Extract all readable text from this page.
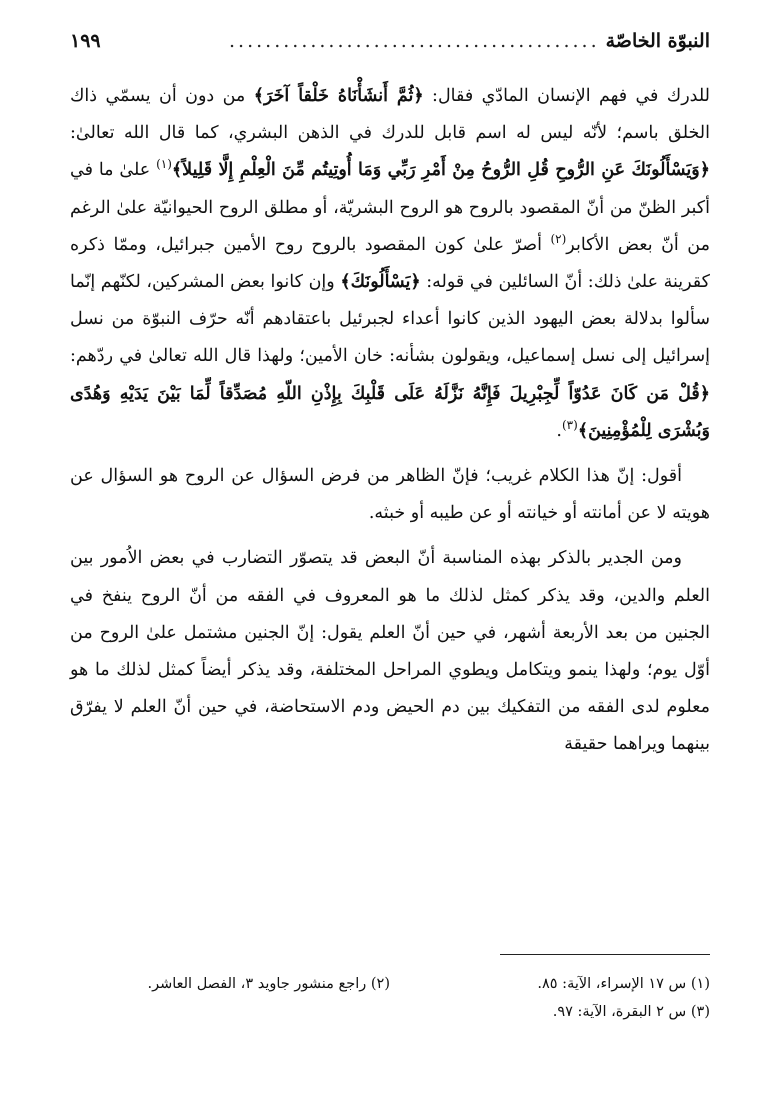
النبوّة الخاصّة
.........................................
١٩٩

للدرك في فهم الإنسان المادّي فقال: ﴿ثُمَّ أَنشَأْنَاهُ خَلْقاً آخَرَ﴾ من دون أن يسمّي ذاك الخلق باسم؛ لأنّه ليس له اسم قابل للدرك في الذهن البشري، كما قال الله تعالىٰ: ﴿وَيَسْأَلُونَكَ عَنِ الرُّوحِ قُلِ الرُّوحُ مِنْ أَمْرِ رَبِّي وَمَا أُوتِيتُم مِّنَ الْعِلْمِ إِلَّا قَلِيلاً﴾$^{(١)}$ علىٰ ما في أكبر الظنّ من أنّ المقصود بالروح هو الروح البشريّة، أو مطلق الروح الحيوانيّة علىٰ الرغم من أنّ بعض الأكابر$^{(٢)}$ أصرّ علىٰ كون المقصود بالروح روح الأمين جبرائيل، وممّا ذكره كقرينة علىٰ ذلك: أنّ السائلين في قوله: ﴿يَسْأَلُونَكَ﴾ وإن كانوا بعض المشركين، لكنّهم إنّما سألوا بدلالة بعض اليهود الذين كانوا أعداء لجبرئيل باعتقادهم أنّه حرّف النبوّة من نسل إسرائيل إلى نسل إسماعيل، ويقولون بشأنه: خان الأمين؛ ولهذا قال الله تعالىٰ في ردّهم: ﴿قُلْ مَن كَانَ عَدُوّاً لِّجِبْرِيلَ فَإِنَّهُ نَزَّلَهُ عَلَى قَلْبِكَ بِإِذْنِ اللّهِ مُصَدِّقاً لِّمَا بَيْنَ يَدَيْهِ وَهُدًى وَبُشْرَى لِلْمُؤْمِنِينَ﴾$^{(٣)}$.

أقول: إنّ هذا الكلام غريب؛ فإنّ الظاهر من فرض السؤال عن الروح هو السؤال عن هويته لا عن أمانته أو خيانته أو عن طيبه أو خبثه.

ومن الجدير بالذكر بهذه المناسبة أنّ البعض قد يتصوّر التضارب في بعض الاُمور بين العلم والدين، وقد يذكر كمثل لذلك ما هو المعروف في الفقه من أنّ الروح ينفخ في الجنين من بعد الأربعة أشهر، في حين أنّ العلم يقول: إنّ الجنين مشتمل علىٰ الروح من أوّل يوم؛ ولهذا ينمو ويتكامل ويطوي المراحل المختلفة، وقد يذكر أيضاً كمثل لذلك ما هو معلوم لدى الفقه من التفكيك بين دم الحيض ودم الاستحاضة، في حين أنّ العلم لا يفرّق بينهما ويراهما حقيقة

(١) س ١٧ الإسراء، الآية: ٨٥.
(٢) راجع منشور جاويد ٣، الفصل العاشر.
(٣) س ٢ البقرة، الآية: ٩٧.
